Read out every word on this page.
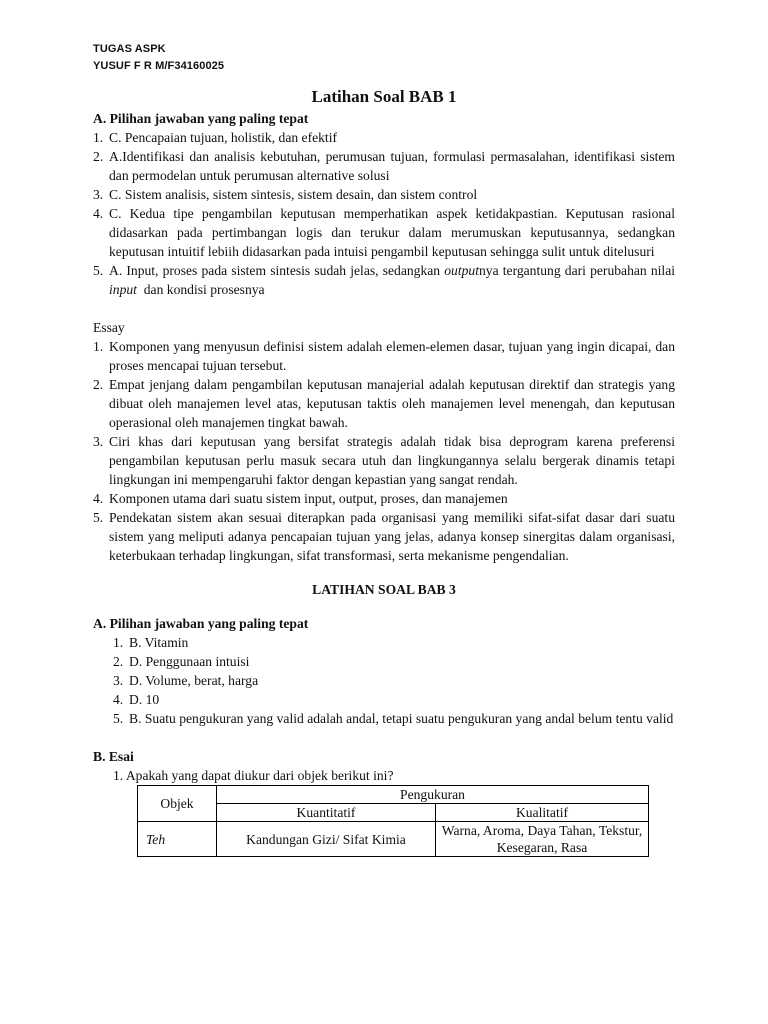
TUGAS ASPK
YUSUF F R M/F34160025
Latihan Soal BAB 1
A. Pilihan jawaban yang paling tepat
1. C. Pencapaian tujuan, holistik, dan efektif
2. A.Identifikasi dan analisis kebutuhan, perumusan tujuan, formulasi permasalahan, identifikasi sistem dan permodelan untuk perumusan alternative solusi
3. C. Sistem analisis, sistem sintesis, sistem desain, dan sistem control
4. C. Kedua tipe pengambilan keputusan memperhatikan aspek ketidakpastian. Keputusan rasional didasarkan pada pertimbangan logis dan terukur dalam merumuskan keputusannya, sedangkan keputusan intuitif lebiih didasarkan pada intuisi pengambil keputusan sehingga sulit untuk ditelusuri
5. A. Input, proses pada sistem sintesis sudah jelas, sedangkan outputnya tergantung dari perubahan nilai input  dan kondisi prosesnya
Essay
1. Komponen yang menyusun definisi sistem adalah elemen-elemen dasar, tujuan yang ingin dicapai, dan proses mencapai tujuan tersebut.
2. Empat jenjang dalam pengambilan keputusan manajerial adalah keputusan direktif dan strategis yang dibuat oleh manajemen level atas, keputusan taktis oleh manajemen level menengah, dan keputusan operasional oleh manajemen tingkat bawah.
3. Ciri khas dari keputusan yang bersifat strategis adalah tidak bisa deprogram karena preferensi pengambilan keputusan perlu masuk secara utuh dan lingkungannya selalu bergerak dinamis tetapi lingkungan ini mempengaruhi faktor dengan kepastian yang sangat rendah.
4. Komponen utama dari suatu sistem input, output, proses, dan manajemen
5. Pendekatan sistem akan sesuai diterapkan pada organisasi yang memiliki sifat-sifat dasar dari suatu sistem yang meliputi adanya pencapaian tujuan yang jelas, adanya konsep sinergitas dalam organisasi, keterbukaan terhadap lingkungan, sifat transformasi, serta mekanisme pengendalian.
LATIHAN SOAL BAB 3
A. Pilihan jawaban yang paling tepat
1. B. Vitamin
2. D. Penggunaan intuisi
3. D. Volume, berat, harga
4. D. 10
5. B. Suatu pengukuran yang valid adalah andal, tetapi suatu pengukuran yang andal belum tentu valid
B. Esai
1. Apakah yang dapat diukur dari objek berikut ini?
Objek	Pengukuran	
	Kuantitatif	Kualitatif
Teh	Kandungan Gizi/ Sifat Kimia	Warna, Aroma, Daya Tahan, Tekstur, Kesegaran, Rasa
